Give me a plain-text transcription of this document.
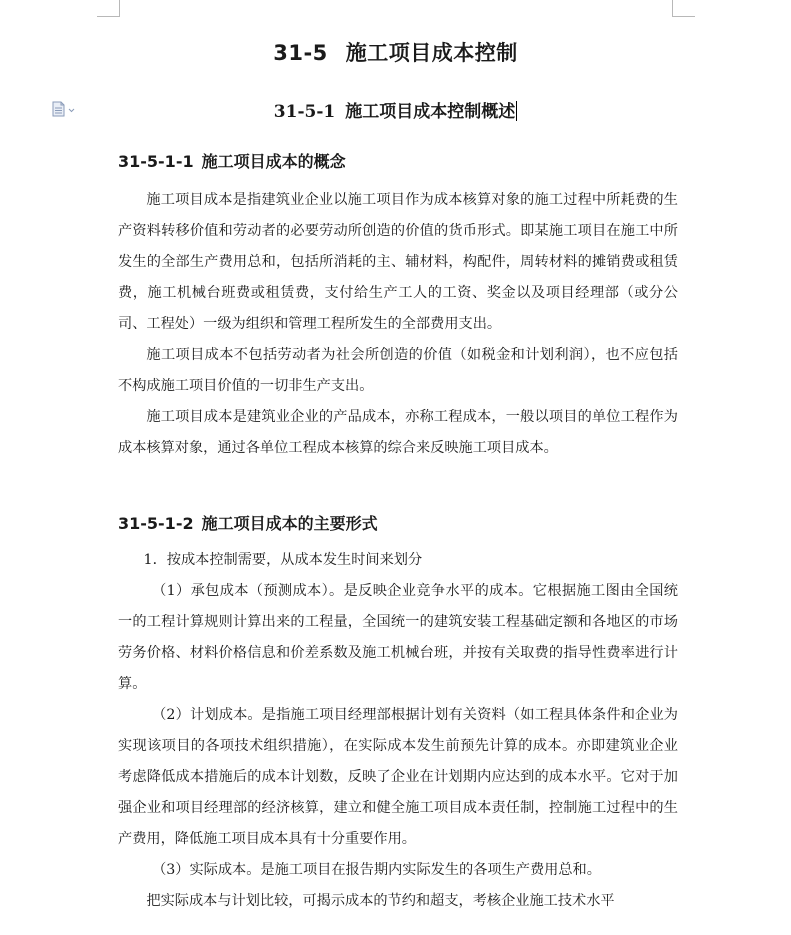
31-5 施工项目成本控制
31-5-1 施工项目成本控制概述
31-5-1-1 施工项目成本的概念

施工项目成本是指建筑业企业以施工项目作为成本核算对象的施工过程中所耗费的生产资料转移价值和劳动者的必要劳动所创造的价值的货币形式。即某施工项目在施工中所发生的全部生产费用总和，包括所消耗的主、辅材料，构配件，周转材料的摊销费或租赁费，施工机械台班费或租赁费，支付给生产工人的工资、奖金以及项目经理部（或分公司、工程处）一级为组织和管理工程所发生的全部费用支出。

施工项目成本不包括劳动者为社会所创造的价值（如税金和计划利润），也不应包括不构成施工项目价值的一切非生产支出。

施工项目成本是建筑业企业的产品成本，亦称工程成本，一般以项目的单位工程作为成本核算对象，通过各单位工程成本核算的综合来反映施工项目成本。

31-5-1-2 施工项目成本的主要形式

1．按成本控制需要，从成本发生时间来划分

（1）承包成本（预测成本）。是反映企业竞争水平的成本。它根据施工图由全国统一的工程计算规则计算出来的工程量，全国统一的建筑安装工程基础定额和各地区的市场劳务价格、材料价格信息和价差系数及施工机械台班，并按有关取费的指导性费率进行计算。

（2）计划成本。是指施工项目经理部根据计划有关资料（如工程具体条件和企业为实现该项目的各项技术组织措施），在实际成本发生前预先计算的成本。亦即建筑业企业考虑降低成本措施后的成本计划数，反映了企业在计划期内应达到的成本水平。它对于加强企业和项目经理部的经济核算，建立和健全施工项目成本责任制，控制施工过程中的生产费用，降低施工项目成本具有十分重要作用。

（3）实际成本。是施工项目在报告期内实际发生的各项生产费用总和。

把实际成本与计划比较，可揭示成本的节约和超支，考核企业施工技术水平
